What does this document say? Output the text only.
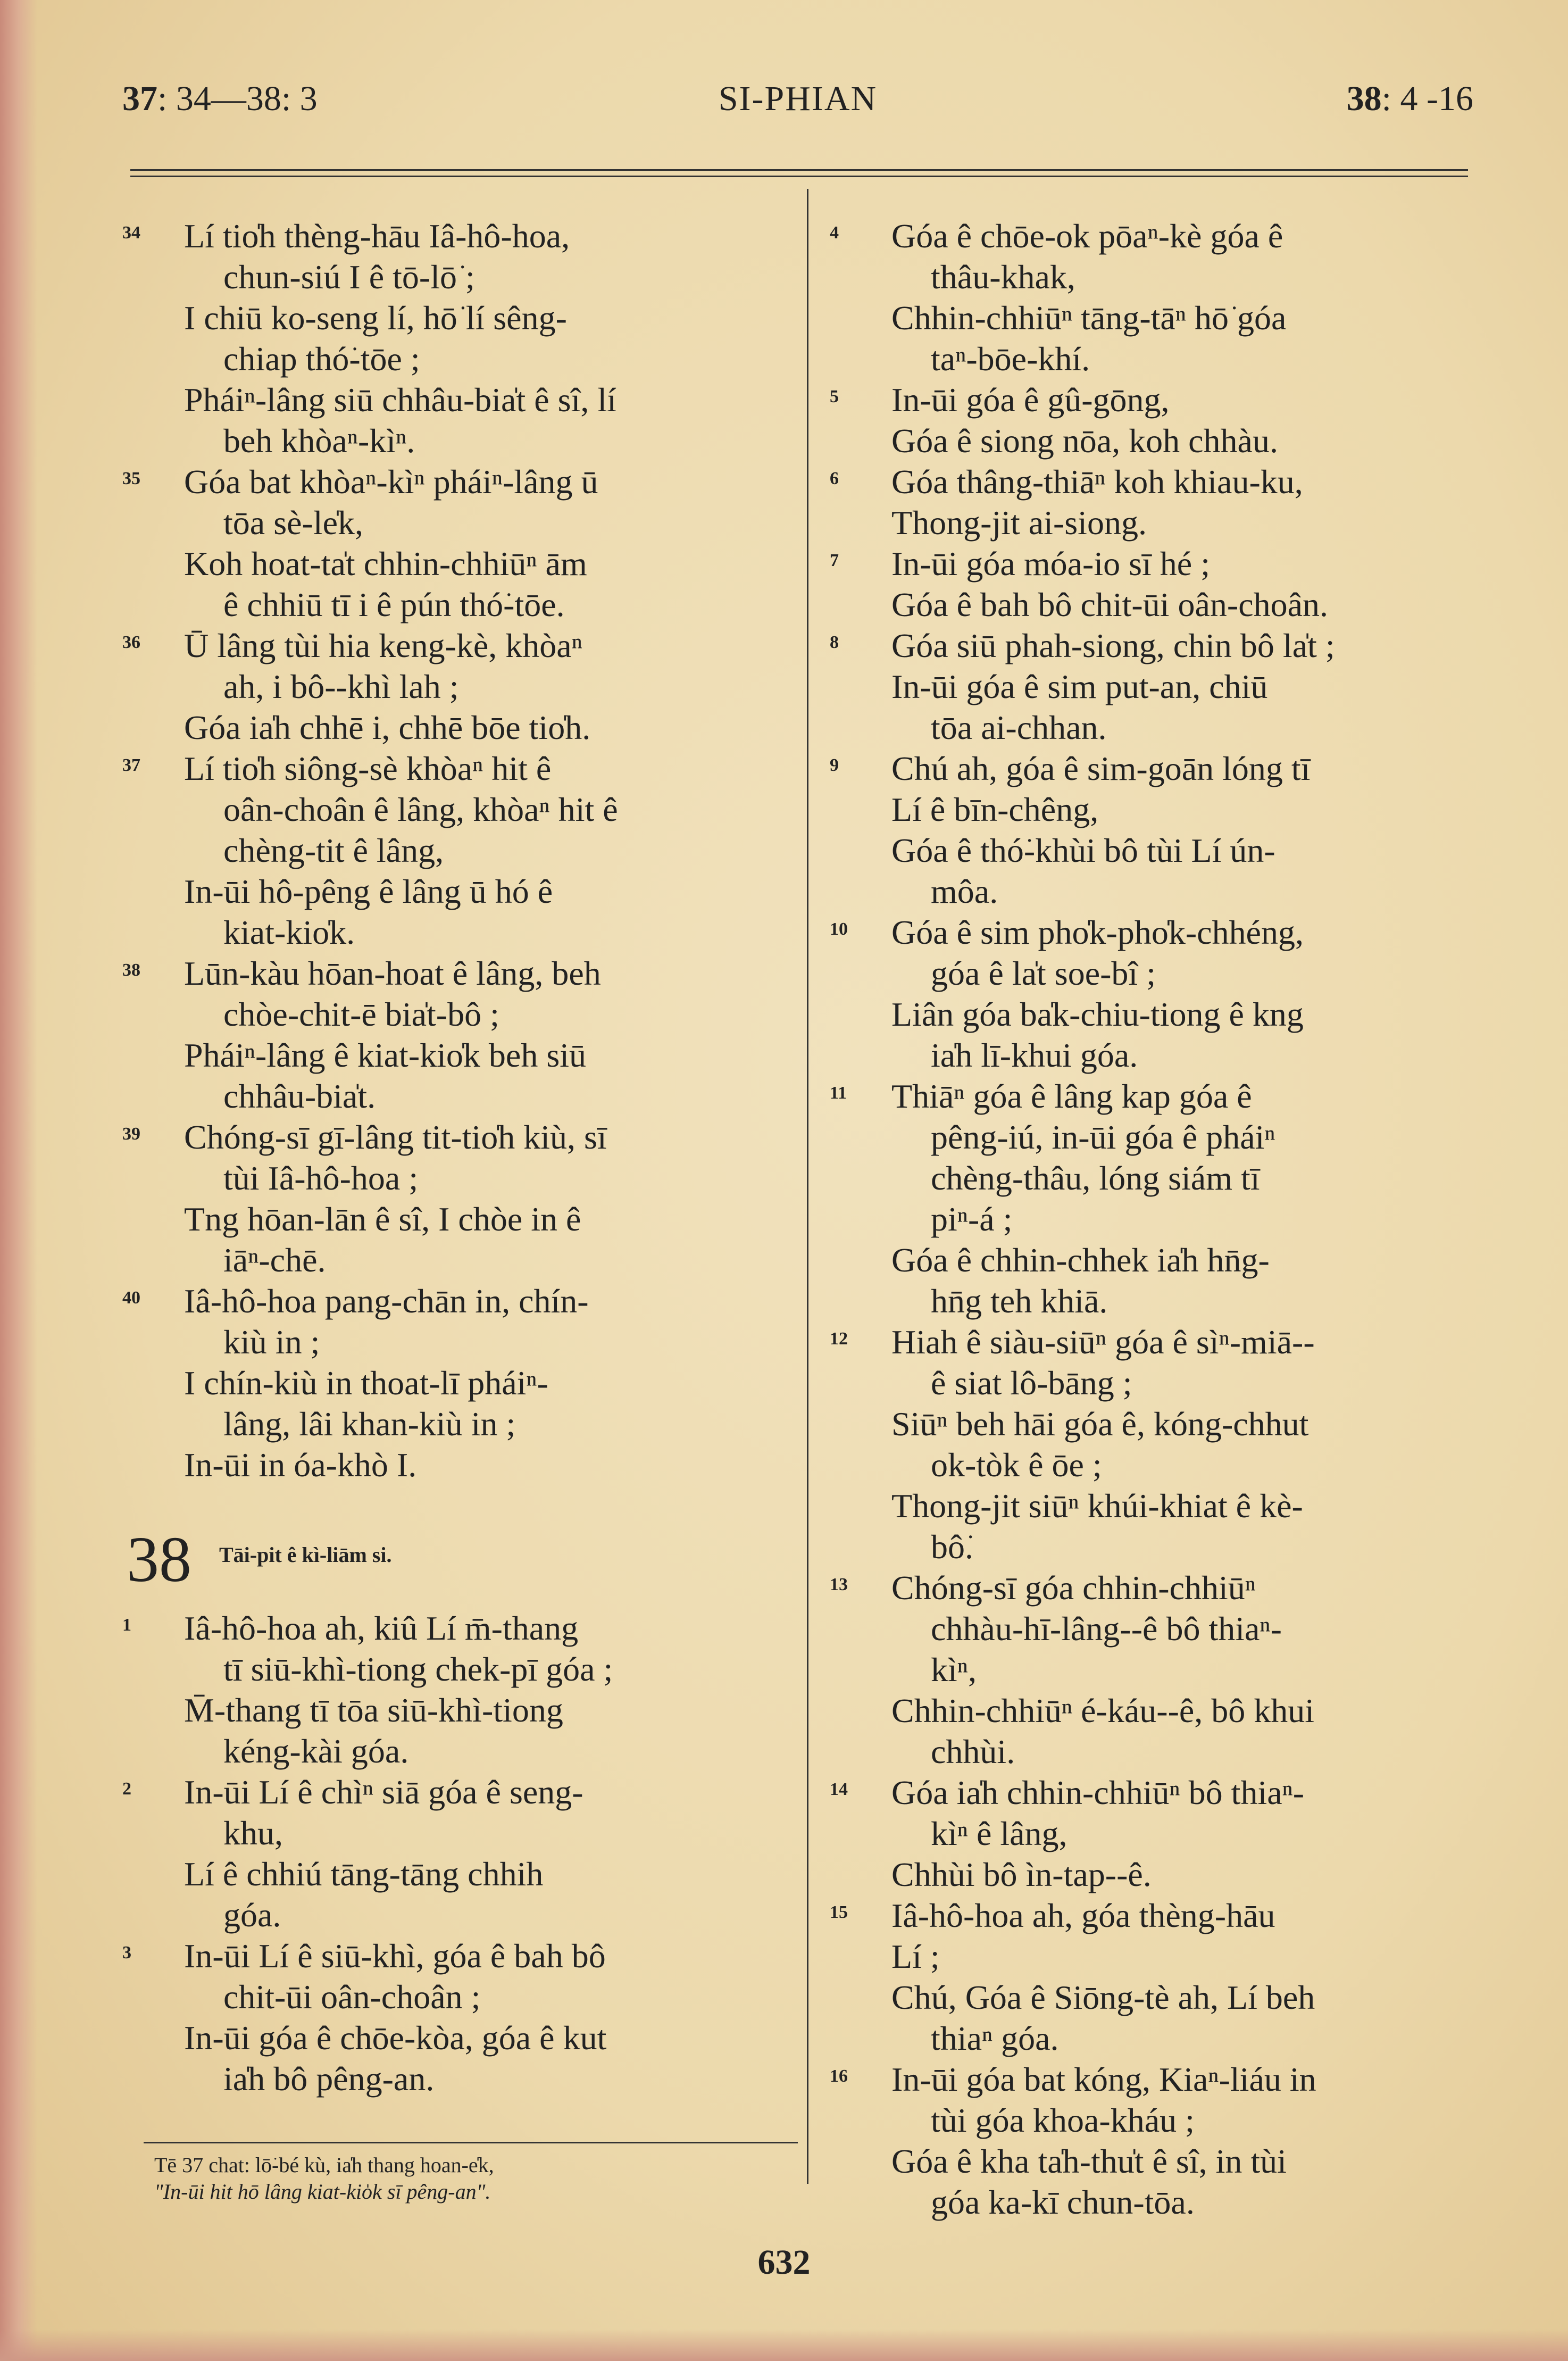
37: 34—38: 3	SI-PHIAN	38: 4 -16
34	Lí tio̍h thèng-hāu Iâ-hô-hoa,
chun-siú I ê tō-lō͘ ;
I chiū ko-seng lí, hō͘ lí sêng-
chiap thó͘-tōe ;
Pháiⁿ-lâng siū chhâu-bia̍t ê sî, lí
beh khòaⁿ-kìⁿ.
35	Góa bat khòaⁿ-kìⁿ pháiⁿ-lâng ū
tōa sè-le̍k,
Koh hoat-ta̍t chhin-chhiūⁿ ām
ê chhiū tī i ê pún thó͘-tōe.
36	Ū lâng tùi hia keng-kè, khòaⁿ
ah, i bô--khì lah ;
Góa ia̍h chhē i, chhē bōe tio̍h.
37	Lí tio̍h siông-sè khòaⁿ hit ê
oân-choân ê lâng, khòaⁿ hit ê
chèng-tit ê lâng,
In-ūi hô-pêng ê lâng ū hó ê
kiat-kio̍k.
38	Lūn-kàu hōan-hoat ê lâng, beh
chòe-chit-ē bia̍t-bô ;
Pháiⁿ-lâng ê kiat-kio̍k beh siū
chhâu-bia̍t.
39	Chóng-sī gī-lâng tit-tio̍h kiù, sī
tùi Iâ-hô-hoa ;
Tng hōan-lān ê sî, I chòe in ê
iāⁿ-chē.
40	Iâ-hô-hoa pang-chān in, chín-
kiù in ;
I chín-kiù in thoat-lī pháiⁿ-
lâng, lâi khan-kiù in ;
In-ūi in óa-khò I.
38 Tāi-pit ê kì-liām si.
1	Iâ-hô-hoa ah, kiû Lí m̄-thang
tī siū-khì-tiong chek-pī góa ;
M̄-thang tī tōa siū-khì-tiong
kéng-kài góa.
2	In-ūi Lí ê chìⁿ siā góa ê seng-
khu,
Lí ê chhiú tāng-tāng chhih
góa.
3	In-ūi Lí ê siū-khì, góa ê bah bô
chit-ūi oân-choân ;
In-ūi góa ê chōe-kòa, góa ê kut
ia̍h bô pêng-an.
4	Góa ê chōe-ok pōaⁿ-kè góa ê
thâu-khak,
Chhin-chhiūⁿ tāng-tāⁿ hō͘ góa
taⁿ-bōe-khí.
5	In-ūi góa ê gû-gōng,
Góa ê siong nōa, koh chhàu.
6	Góa thâng-thiāⁿ koh khiau-ku,
Thong-jit ai-siong.
7	In-ūi góa móa-io sī hé ;
Góa ê bah bô chit-ūi oân-choân.
8	Góa siū phah-siong, chin bô la̍t ;
In-ūi góa ê sim put-an, chiū
tōa ai-chhan.
9	Chú ah, góa ê sim-goān lóng tī
Lí ê bīn-chêng,
Góa ê thó͘-khùi bô tùi Lí ún-
môa.
10	Góa ê sim pho̍k-pho̍k-chhéng,
góa ê la̍t soe-bî ;
Liân góa ba̍k-chiu-tiong ê kng
ia̍h lī-khui góa.
11	Thiāⁿ góa ê lâng kap góa ê
pêng-iú, in-ūi góa ê pháiⁿ
chèng-thâu, lóng siám tī
piⁿ-á ;
Góa ê chhin-chhek ia̍h hn̄g-
hn̄g teh khiā.
12	Hiah ê siàu-siūⁿ góa ê sìⁿ-miā--
ê siat lô-bāng ;
Siūⁿ beh hāi góa ê, kóng-chhut
ok-tòk ê ōe ;
Thong-jit siūⁿ khúi-khiat ê kè-
bô͘.
13	Chóng-sī góa chhin-chhiūⁿ
chhàu-hī-lâng--ê bô thiaⁿ-
kìⁿ,
Chhin-chhiūⁿ é-káu--ê, bô khui
chhùi.
14	Góa ia̍h chhin-chhiūⁿ bô thiaⁿ-
kìⁿ ê lâng,
Chhùi bô ìn-tap--ê.
15	Iâ-hô-hoa ah, góa thèng-hāu
Lí ;
Chú, Góa ê Siōng-tè ah, Lí beh
thiaⁿ góa.
16	In-ūi góa bat kóng, Kiaⁿ-liáu in
tùi góa khoa-kháu ;
Góa ê kha ta̍h-thu̍t ê sî, in tùi
góa ka-kī chun-tōa.
Tē 37 chat: lō͘-bé kù, ia̍h thang hoan-e̍k,
"In-ūi hit hō lâng kiat-kio̍k sī pêng-an".
632
